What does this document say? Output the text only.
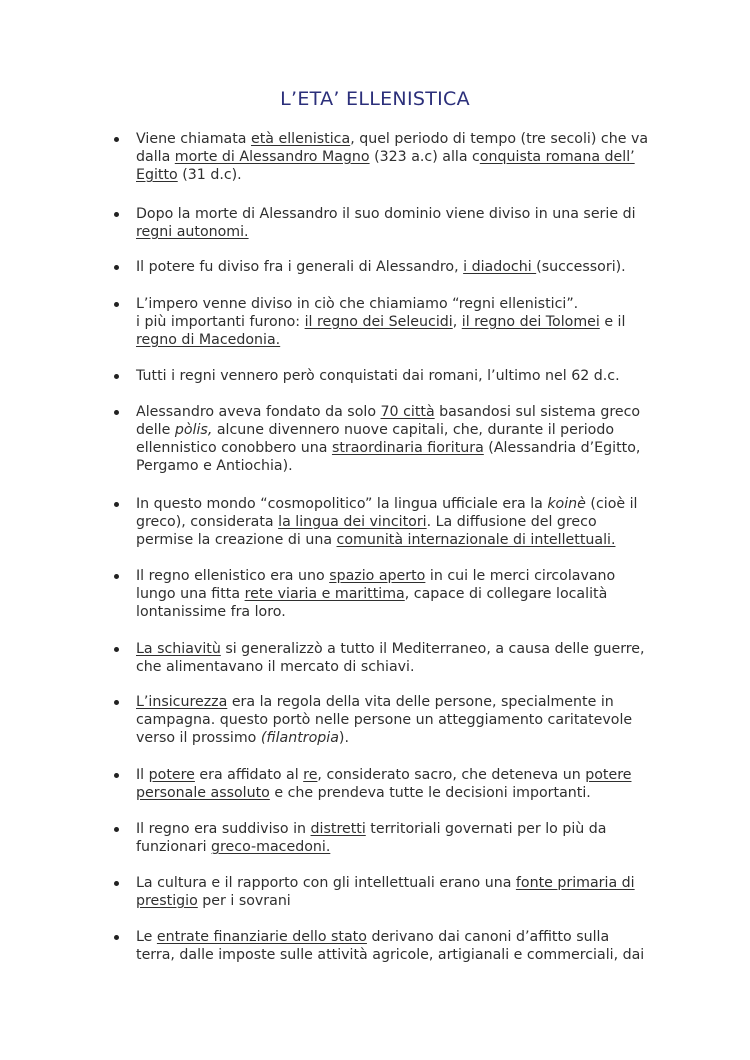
L’ETA’ ELLENISTICA
Viene chiamata età ellenistica, quel periodo di tempo (tre secoli) che va
dalla morte di Alessandro Magno (323 a.c) alla conquista romana dell’
Egitto (31 d.c).
Dopo la morte di Alessandro il suo dominio viene diviso in una serie di
regni autonomi.
Il potere fu diviso fra i generali di Alessandro, i diadochi (successori).
L’impero venne diviso in ciò che chiamiamo “regni ellenistici”.
i più importanti furono: il regno dei Seleucidi, il regno dei Tolomei e il
regno di Macedonia.
Tutti i regni vennero però conquistati dai romani, l’ultimo nel 62 d.c.
Alessandro aveva fondato da solo 70 città basandosi sul sistema greco
delle pòlis, alcune divennero nuove capitali, che, durante il periodo
ellennistico conobbero una straordinaria fioritura (Alessandria d’Egitto,
Pergamo e Antiochia).
In questo mondo “cosmopolitico” la lingua ufficiale era la koinè (cioè il
greco), considerata la lingua dei vincitori. La diffusione del greco
permise la creazione di una comunità internazionale di intellettuali.
Il regno ellenistico era uno spazio aperto in cui le merci circolavano
lungo una fitta rete viaria e marittima, capace di collegare località
lontanissime fra loro.
La schiavitù si generalizzò a tutto il Mediterraneo, a causa delle guerre,
che alimentavano il mercato di schiavi.
L’insicurezza era la regola della vita delle persone, specialmente in
campagna. questo portò nelle persone un atteggiamento caritatevole
verso il prossimo (filantropia).
Il potere era affidato al re, considerato sacro, che deteneva un potere
personale assoluto e che prendeva tutte le decisioni importanti.
Il regno era suddiviso in distretti territoriali governati per lo più da
funzionari greco-macedoni.
La cultura e il rapporto con gli intellettuali erano una fonte primaria di
prestigio per i sovrani
Le entrate finanziarie dello stato derivano dai canoni d’affitto sulla
terra, dalle imposte sulle attività agricole, artigianali e commerciali, dai
